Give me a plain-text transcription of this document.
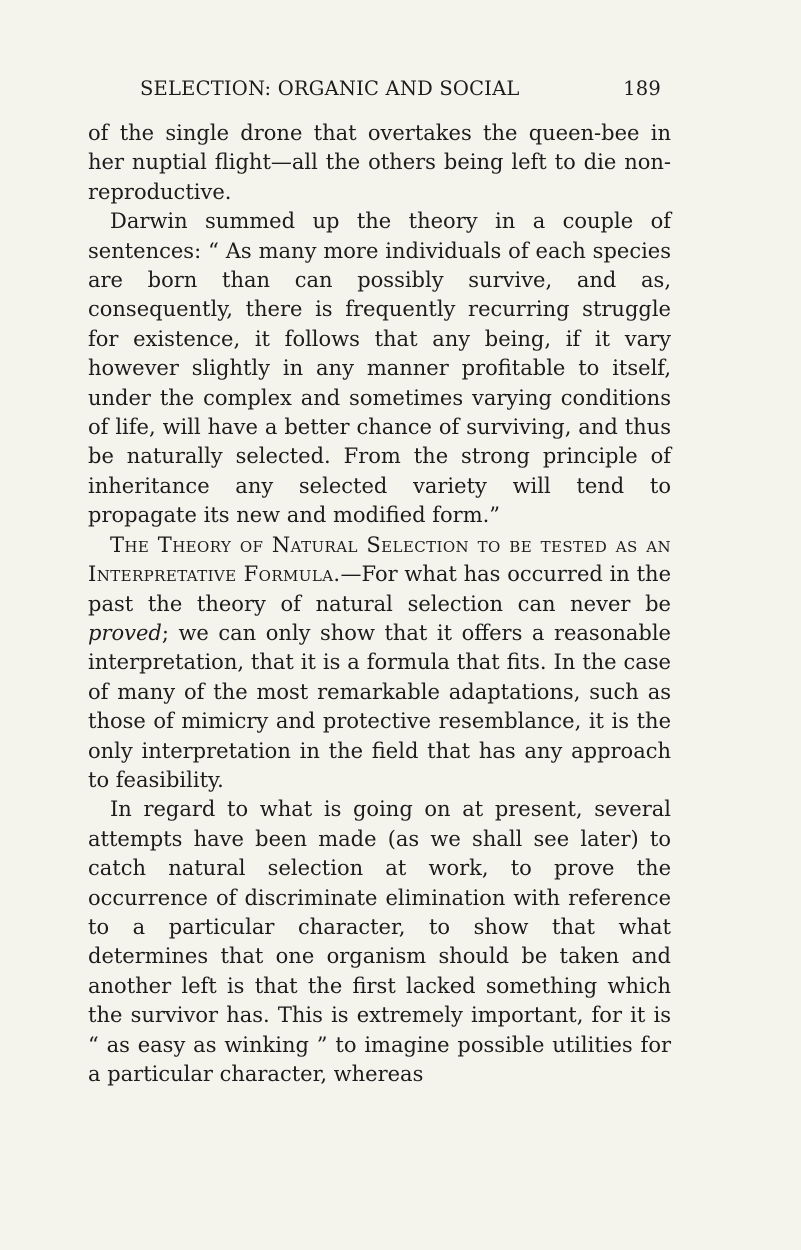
SELECTION: ORGANIC AND SOCIAL	189

of the single drone that overtakes the queen-bee in her nuptial flight—all the others being left to die non-reproductive.

Darwin summed up the theory in a couple of sentences: “ As many more individuals of each species are born than can possibly survive, and as, consequently, there is frequently recurring struggle for existence, it follows that any being, if it vary however slightly in any manner profitable to itself, under the complex and sometimes varying conditions of life, will have a better chance of surviving, and thus be naturally selected. From the strong principle of inheritance any selected variety will tend to propagate its new and modified form.”

The Theory of Natural Selection to be tested as an Interpretative Formula.—For what has occurred in the past the theory of natural selection can never be proved; we can only show that it offers a reasonable interpretation, that it is a formula that fits. In the case of many of the most remarkable adaptations, such as those of mimicry and protective resemblance, it is the only interpretation in the field that has any approach to feasibility.

In regard to what is going on at present, several attempts have been made (as we shall see later) to catch natural selection at work, to prove the occurrence of discriminate elimination with reference to a particular character, to show that what determines that one organism should be taken and another left is that the first lacked something which the survivor has. This is extremely important, for it is “ as easy as winking ” to imagine possible utilities for a particular character, whereas
